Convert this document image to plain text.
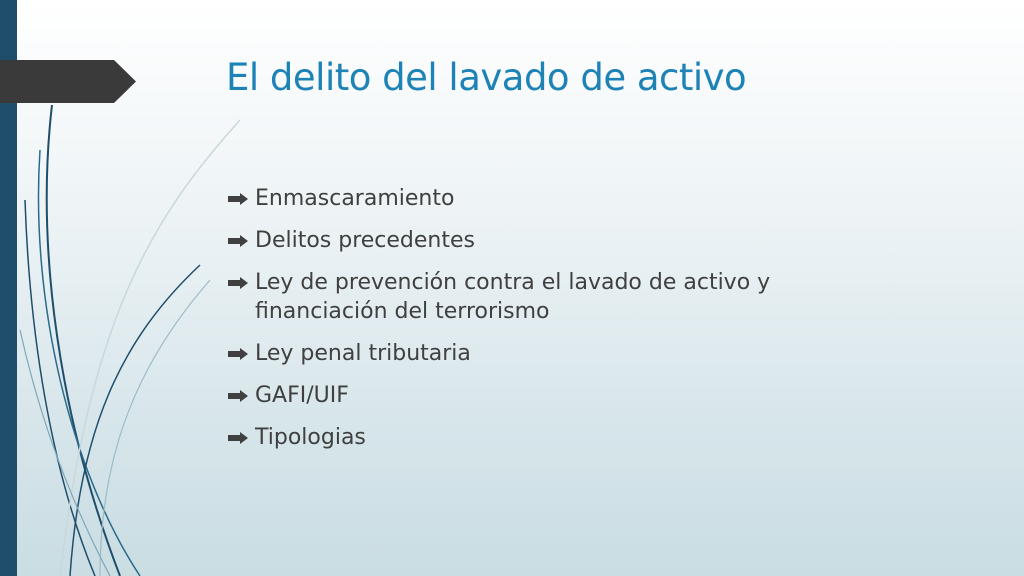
El delito del lavado de activo
Enmascaramiento
Delitos precedentes
Ley de prevención contra el lavado de activo y financiación del terrorismo
Ley penal tributaria
GAFI/UIF
Tipologias
